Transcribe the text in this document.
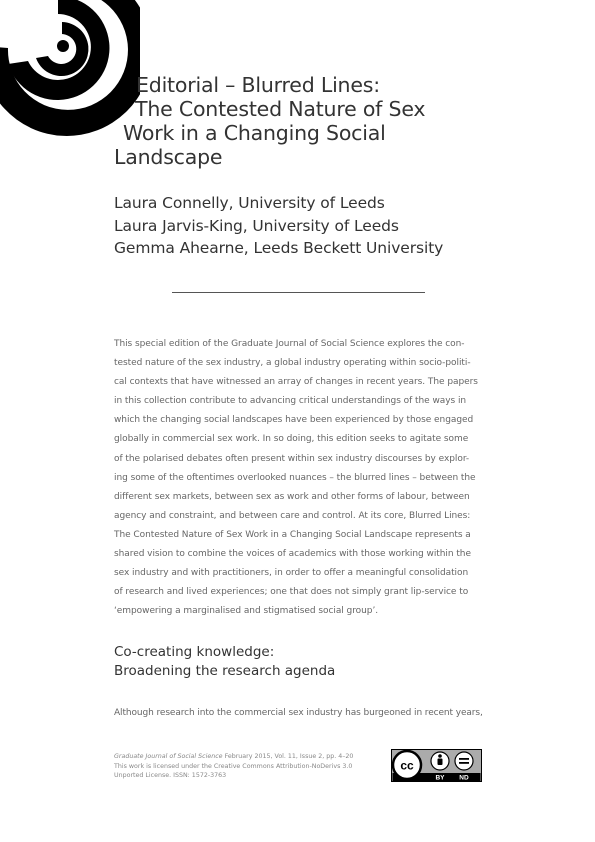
Editorial – Blurred Lines:
The Contested Nature of Sex
Work in a Changing Social
Landscape
Laura Connelly, University of Leeds
Laura Jarvis-King, University of Leeds
Gemma Ahearne, Leeds Beckett University

This special edition of the Graduate Journal of Social Science explores the con-
tested nature of the sex industry, a global industry operating within socio-politi-
cal contexts that have witnessed an array of changes in recent years. The papers
in this collection contribute to advancing critical understandings of the ways in
which the changing social landscapes have been experienced by those engaged
globally in commercial sex work. In so doing, this edition seeks to agitate some
of the polarised debates often present within sex industry discourses by explor-
ing some of the oftentimes overlooked nuances – the blurred lines – between the
different sex markets, between sex as work and other forms of labour, between
agency and constraint, and between care and control. At its core, Blurred Lines:
The Contested Nature of Sex Work in a Changing Social Landscape represents a
shared vision to combine the voices of academics with those working within the
sex industry and with practitioners, in order to offer a meaningful consolidation
of research and lived experiences; one that does not simply grant lip-service to
‘empowering a marginalised and stigmatised social group’.

Co-creating knowledge:
Broadening the research agenda

Although research into the commercial sex industry has burgeoned in recent years,

Graduate Journal of Social Science February 2015, Vol. 11, Issue 2, pp. 4–20
This work is licensed under the Creative Commons Attribution-NoDerivs 3.0
Unported License. ISSN: 1572-3763
cc
BY ND
